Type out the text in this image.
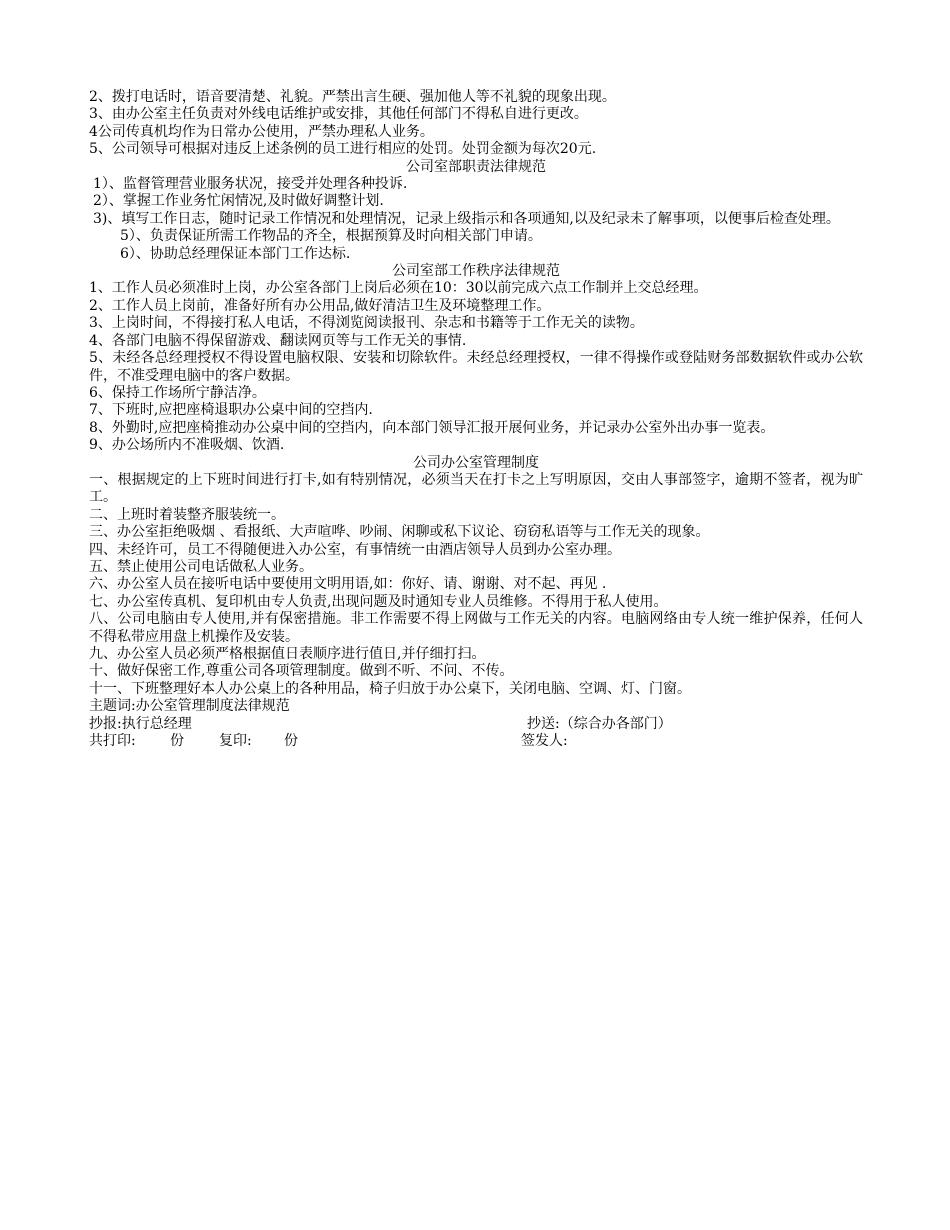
2、拨打电话时，语音要清楚、礼貌。严禁出言生硬、强加他人等不礼貌的现象出现。
3、由办公室主任负责对外线电话维护或安排，其他任何部门不得私自进行更改。
4公司传真机均作为日常办公使用，严禁办理私人业务。
5、公司领导可根据对违反上述条例的员工进行相应的处罚。处罚金额为每次20元.
公司室部职责法律规范
1）、监督管理营业服务状况，接受并处理各种投诉.
2）、掌握工作业务忙闲情况,及时做好调整计划.
3)、填写工作日志，随时记录工作情况和处理情况，记录上级指示和各项通知,以及纪录未了解事项，以便事后检查处理。
5）、负责保证所需工作物品的齐全，根据预算及时向相关部门申请。
6）、协助总经理保证本部门工作达标.
公司室部工作秩序法律规范
1、工作人员必须准时上岗，办公室各部门上岗后必须在10：30以前完成六点工作制并上交总经理。
2、工作人员上岗前，准备好所有办公用品,做好清洁卫生及环境整理工作。
3、上岗时间，不得接打私人电话，不得浏览阅读报刊、杂志和书籍等于工作无关的读物。
4、各部门电脑不得保留游戏、翻读网页等与工作无关的事情.
5、未经各总经理授权不得设置电脑权限、安装和切除软件。未经总经理授权，一律不得操作或登陆财务部数据软件或办公软件，不准受理电脑中的客户数据。
6、保持工作场所宁静洁净。
7、下班时,应把座椅退职办公桌中间的空挡内.
8、外勤时,应把座椅推动办公桌中间的空挡内，向本部门领导汇报开展何业务，并记录办公室外出办事一览表。
9、办公场所内不准吸烟、饮酒.
公司办公室管理制度
一、根据规定的上下班时间进行打卡,如有特别情况，必须当天在打卡之上写明原因，交由人事部签字，逾期不签者，视为旷工。
二、上班时着装整齐服装统一。
三、办公室拒绝吸烟 、看报纸、大声喧哗、吵闹、闲聊或私下议论、窃窃私语等与工作无关的现象。
四、未经许可，员工不得随便进入办公室，有事情统一由酒店领导人员到办公室办理。
五、禁止使用公司电话做私人业务。
六、办公室人员在接听电话中要使用文明用语,如：你好、请、谢谢、对不起、再见 .
七、办公室传真机、复印机由专人负责,出现问题及时通知专业人员维修。不得用于私人使用。
八、公司电脑由专人使用,并有保密措施。非工作需要不得上网做与工作无关的内容。电脑网络由专人统一维护保养，任何人不得私带应用盘上机操作及安装。
九、办公室人员必须严格根据值日表顺序进行值日,并仔细打扫。
十、做好保密工作,尊重公司各项管理制度。做到不听、不问、不传。
十一、下班整理好本人办公桌上的各种用品，椅子归放于办公桌下，关闭电脑、空调、灯、门窗。
主题词:办公室管理制度法律规范
抄报:执行总经理	抄送:（综合办各部门）
共打印: 份	复印: 份	签发人:
